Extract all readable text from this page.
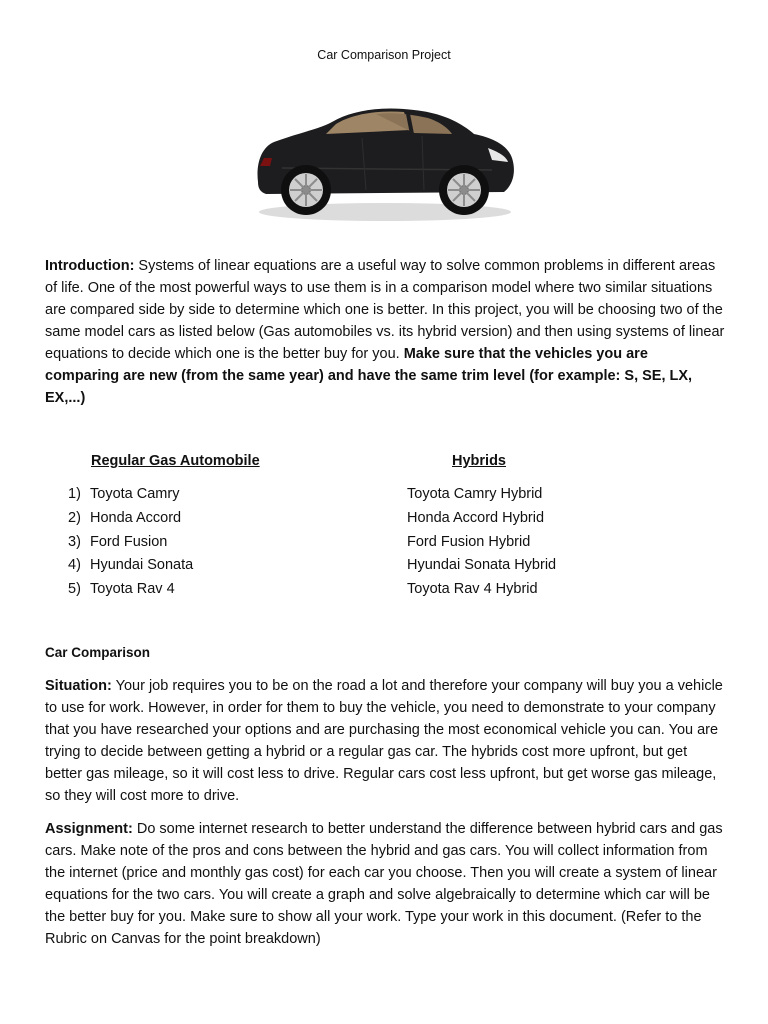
Car Comparison Project

Introduction: Systems of linear equations are a useful way to solve common problems in different areas of life. One of the most powerful ways to use them is in a comparison model where two similar situations are compared side by side to determine which one is better. In this project, you will be choosing two of the same model cars as listed below (Gas automobiles vs. its hybrid version) and then using systems of linear equations to decide which one is the better buy for you. Make sure that the vehicles you are comparing are new (from the same year) and have the same trim level (for example: S, SE, LX, EX,...)

Regular Gas Automobile	Hybrids
1) Toyota Camry
2) Honda Accord
3) Ford Fusion
4) Hyundai Sonata
5) Toyota Rav 4
Toyota Camry Hybrid
Honda Accord Hybrid
Ford Fusion Hybrid
Hyundai Sonata Hybrid
Toyota Rav 4 Hybrid
Car Comparison

Situation: Your job requires you to be on the road a lot and therefore your company will buy you a vehicle to use for work. However, in order for them to buy the vehicle, you need to demonstrate to your company that you have researched your options and are purchasing the most economical vehicle you can. You are trying to decide between getting a hybrid or a regular gas car. The hybrids cost more upfront, but get better gas mileage, so it will cost less to drive. Regular cars cost less upfront, but get worse gas mileage, so they will cost more to drive.

Assignment: Do some internet research to better understand the difference between hybrid cars and gas cars. Make note of the pros and cons between the hybrid and gas cars. You will collect information from the internet (price and monthly gas cost) for each car you choose. Then you will create a system of linear equations for the two cars. You will create a graph and solve algebraically to determine which car will be the better buy for you. Make sure to show all your work. Type your work in this document. (Refer to the Rubric on Canvas for the point breakdown)
